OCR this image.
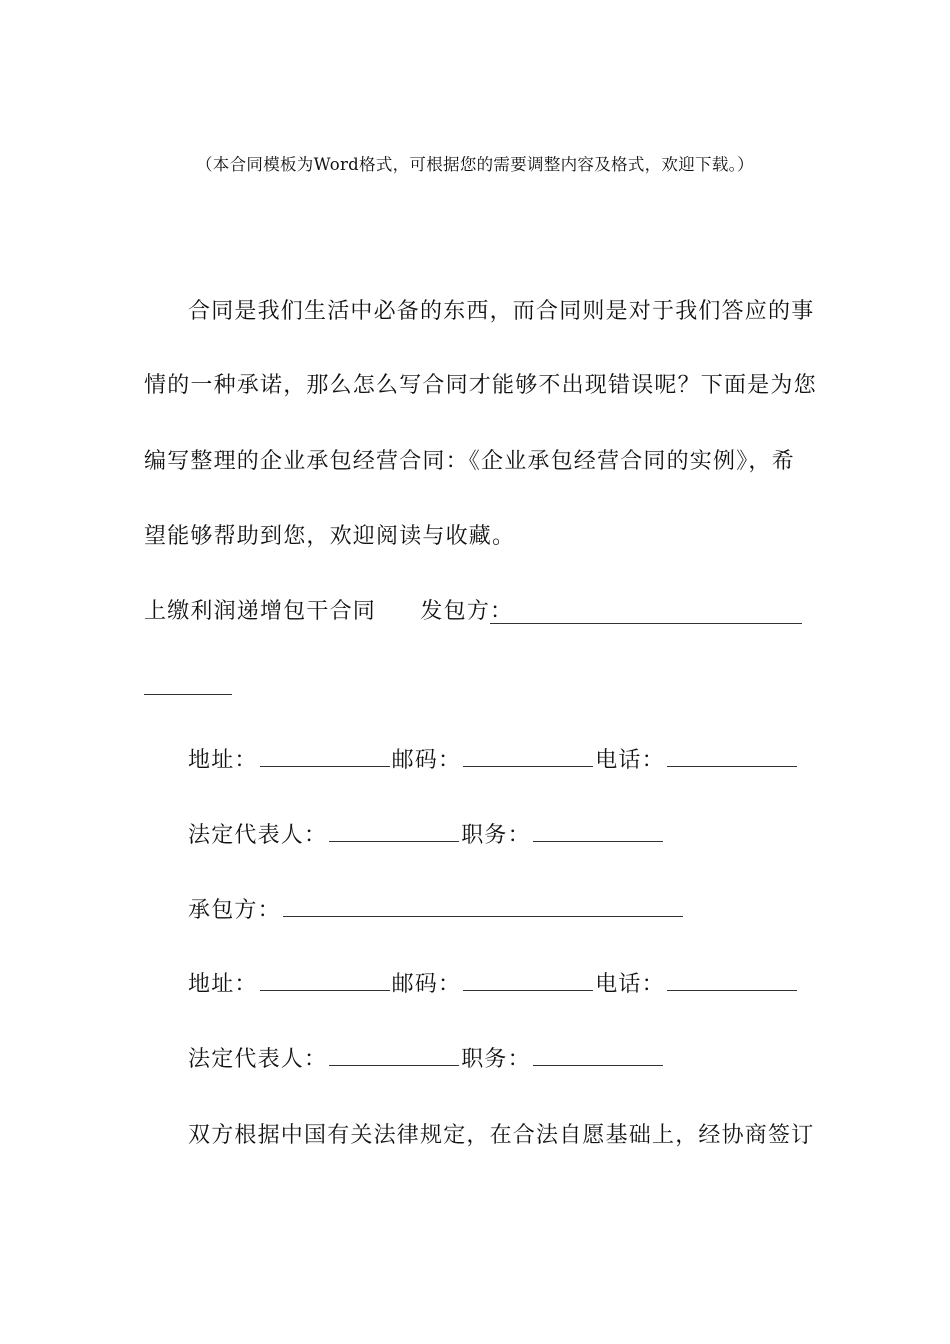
（本合同模板为Word格式，可根据您的需要调整内容及格式，欢迎下载。）
合同是我们生活中必备的东西，而合同则是对于我们答应的事
情的一种承诺，那么怎么写合同才能够不出现错误呢？下面是为您
编写整理的企业承包经营合同：《企业承包经营合同的实例》，希
望能够帮助到您，欢迎阅读与收藏。
上缴利润递增包干合同 发包方：
地址：	邮码：	电话：
法定代表人：	职务：
承包方：
地址：	邮码：	电话：
法定代表人：	职务：
双方根据中国有关法律规定，在合法自愿基础上，经协商签订
